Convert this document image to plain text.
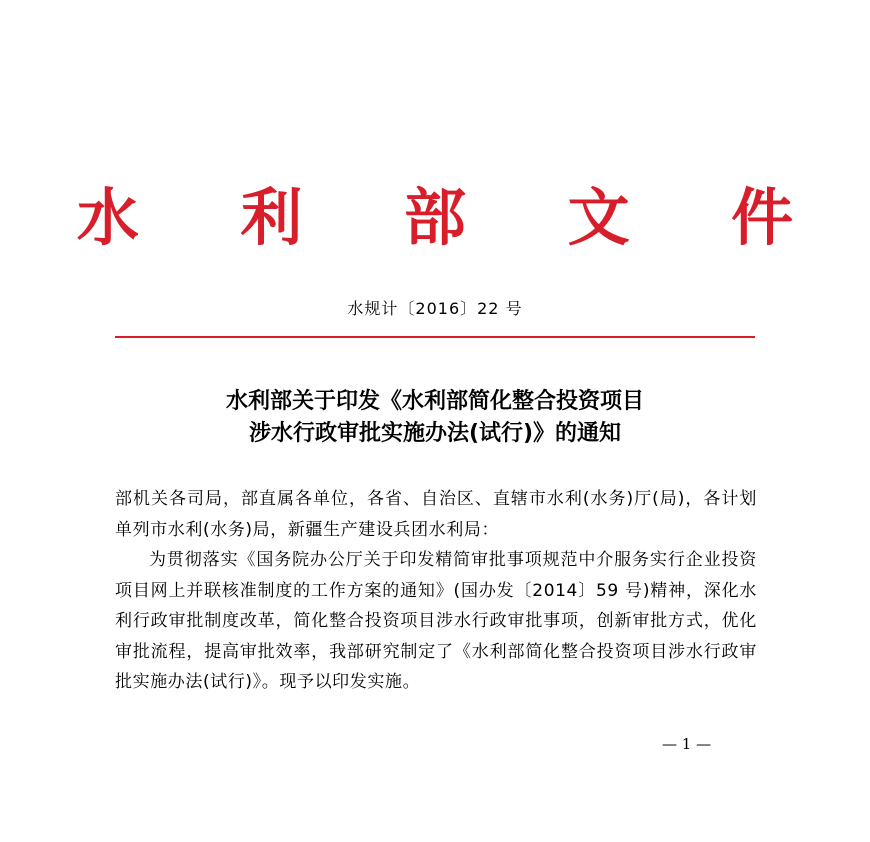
水 利 部 文 件
水规计〔2016〕22 号
水利部关于印发《水利部简化整合投资项目
涉水行政审批实施办法(试行)》的通知

部机关各司局，部直属各单位，各省、自治区、直辖市水利(水务)厅(局)，各计划单列市水利(水务)局，新疆生产建设兵团水利局：

为贯彻落实《国务院办公厅关于印发精简审批事项规范中介服务实行企业投资项目网上并联核准制度的工作方案的通知》(国办发〔2014〕59 号)精神，深化水利行政审批制度改革，简化整合投资项目涉水行政审批事项，创新审批方式，优化审批流程，提高审批效率，我部研究制定了《水利部简化整合投资项目涉水行政审批实施办法(试行)》。现予以印发实施。

— 1 —
